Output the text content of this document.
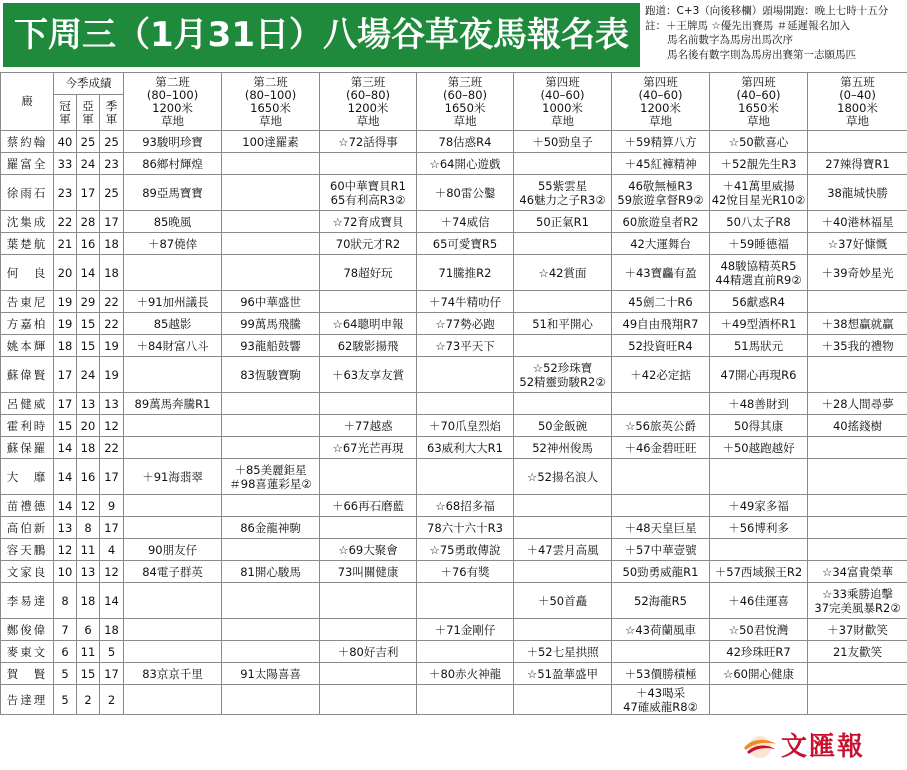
下周三（1月31日）八場谷草夜馬報名表
跑道：C+3（向後移欄）頭場開跑：晚上七時十五分
註：＋王牌馬 ☆優先出賽馬 ＃延遲報名加入
馬名前數字為馬房出馬次序
馬名後有數字則為馬房出賽第一志願馬匹
廄	今季成績			第二班
(80–100)
1200米
草地	第二班
(80–100)
1650米
草地	第三班
(60–80)
1200米
草地	第三班
(60–80)
1650米
草地	第四班
(40–60)
1000米
草地	第四班
(40–60)
1200米
草地	第四班
(40–60)
1650米
草地	第五班
(0–40)
1800米
草地

	冠軍	亞軍	季軍								
蔡約翰	40	25	25	93駿明珍寶	100達羅素	☆72話得事	78估惑R4	＋50勁皇子	＋59精算八方	☆50歡喜心	

羅富全	33	24	23	86鄉村輝煌			☆64開心遊戲		＋45紅褲精神	＋52靚先生R3	27辣得寶R1

徐雨石	23	17	25	89亞馬寶寶		60中華寶貝R1
65有利高R3②	＋80雷公鑿	55紫雲星
46魅力之子R3②	46敬無極R3
59旅遊拿督R9②	＋41萬里威揚
42悅目星光R10②	38龍城快勝

沈集成	22	28	17	85晚風		☆72育成寶貝	＋74威信	50正氣R1	60旅遊皇者R2	50八太子R8	＋40港林福星

葉楚航	21	16	18	＋87僥倖		70狀元才R2	65可愛寶R5		42大運舞台	＋59睡德福	☆37好慷慨

何　良	20	14	18			78超好玩	71騰推R2	☆42賞面	＋43寶麤有盈	48駿協精英R5
44精選直前R9②	＋39奇妙星光

告東尼	19	29	22	＋91加州議長	96中華盛世		＋74牛精叻仔		45劍二十R6	56獻惑R4	

方嘉柏	19	15	22	85越影	99萬馬飛騰	☆64聰明申報	☆77勢必跑	51和平開心	49自由飛翔R7	＋49型酒杯R1	＋38想贏就贏

姚本輝	18	15	19	＋84財富八斗	93龍船鼓響	62駿影揚飛	☆73平天下		52投資旺R4	51馬狀元	＋35我的禮物

蘇偉賢	17	24	19		83恆駿寶駒	＋63友享友賞		☆52珍珠寶
52精靈勁駿R2②	＋42必定掂	47開心再現R6	

呂健威	17	13	13	89萬馬奔騰R1						＋48善財到	＋28人間尋夢

霍利時	15	20	12			＋77越惑	＋70爪皇烈焰	50金飯碗	☆56旅英公爵	50得其康	40搖錢樹

蘇保羅	14	18	22			☆67光芒再現	63威利大大R1	52神州俊馬	＋46金碧旺旺	＋50越跑越好	

大　靡	14	16	17	＋91海翡翠	＋85美麗鉅星
＃98喜蓮彩星②			☆52揚名浪人			

苗禮德	14	12	9			＋66再石磨藍	☆68招多福			＋49家多福	

高伯新	13	8	17		86金龍神駒		78六十六十R3		＋48天皇巨星	＋56博利多	

容天鵬	12	11	4	90朋友仔		☆69大聚會	☆75勇敢傳說	＋47雲月高風	＋57中華壹號		

文家良	10	13	12	84電子群英	81開心駿馬	73叫關健康	＋76有獎		50勁勇威龍R1	＋57西域猴王R2	☆34富貴榮華

李易達	8	18	14					＋50首矗	52海龍R5	＋46佳運喜	☆33乘勝追擊
37完美風暴R2②

鄭俊偉	7	6	18				＋71金剛仔		☆43荷蘭風車	☆50君悅灣	＋37財歡笑

麥東文	6	11	5			＋80好吉利		＋52七星拱照		42珍珠旺R7	21友歡笑

賀　賢	5	15	17	83京京千里	91太陽喜喜		＋80赤火神龍	☆51盈華盛甲	＋53價勝積極	☆60開心健康	

告達理	5	2	2						＋43喝采
47確威龍R8②		

文匯報
